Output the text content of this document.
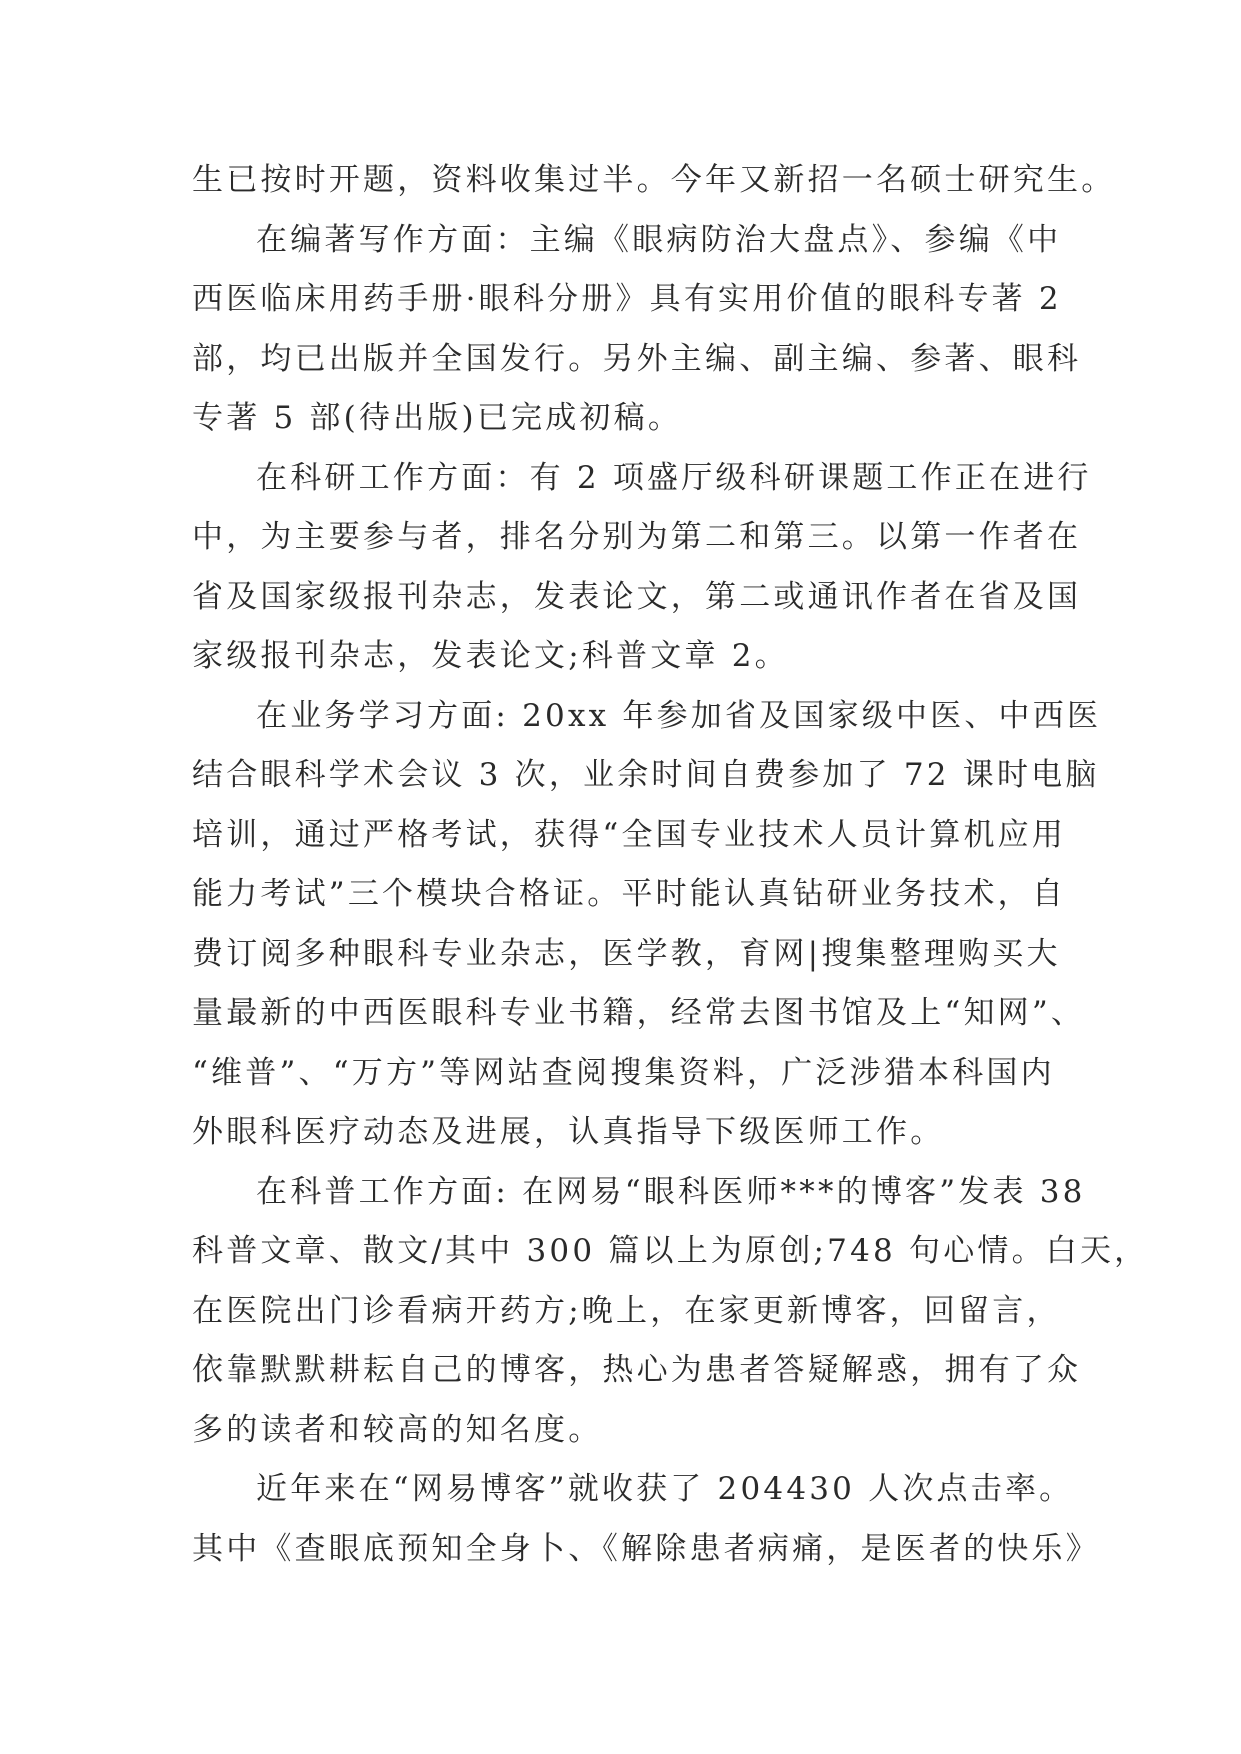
生已按时开题，资料收集过半。今年又新招一名硕士研究生。
在编著写作方面：主编《眼病防治大盘点》、参编《中
西医临床用药手册·眼科分册》具有实用价值的眼科专著 2
部，均已出版并全国发行。另外主编、副主编、参著、眼科
专著 5 部(待出版)已完成初稿。
在科研工作方面：有 2 项盛厅级科研课题工作正在进行
中，为主要参与者，排名分别为第二和第三。以第一作者在
省及国家级报刊杂志，发表论文，第二或通讯作者在省及国
家级报刊杂志，发表论文;科普文章 2。
在业务学习方面: 20xx 年参加省及国家级中医、中西医
结合眼科学术会议 3 次，业余时间自费参加了 72 课时电脑
培训，通过严格考试，获得“全国专业技术人员计算机应用
能力考试”三个模块合格证。平时能认真钻研业务技术，自
费订阅多种眼科专业杂志，医学教，育网|搜集整理购买大
量最新的中西医眼科专业书籍，经常去图书馆及上“知网”、
“维普”、“万方”等网站查阅搜集资料，广泛涉猎本科国内
外眼科医疗动态及进展，认真指导下级医师工作。
在科普工作方面: 在网易“眼科医师***的博客”发表 38
科普文章、散文/其中 300 篇以上为原创;748 句心情。白天，
在医院出门诊看病开药方;晚上，在家更新博客，回留言，
依靠默默耕耘自己的博客，热心为患者答疑解惑，拥有了众
多的读者和较高的知名度。
近年来在“网易博客”就收获了 204430 人次点击率。
其中《查眼底预知全身卜、《解除患者病痛，是医者的快乐》
